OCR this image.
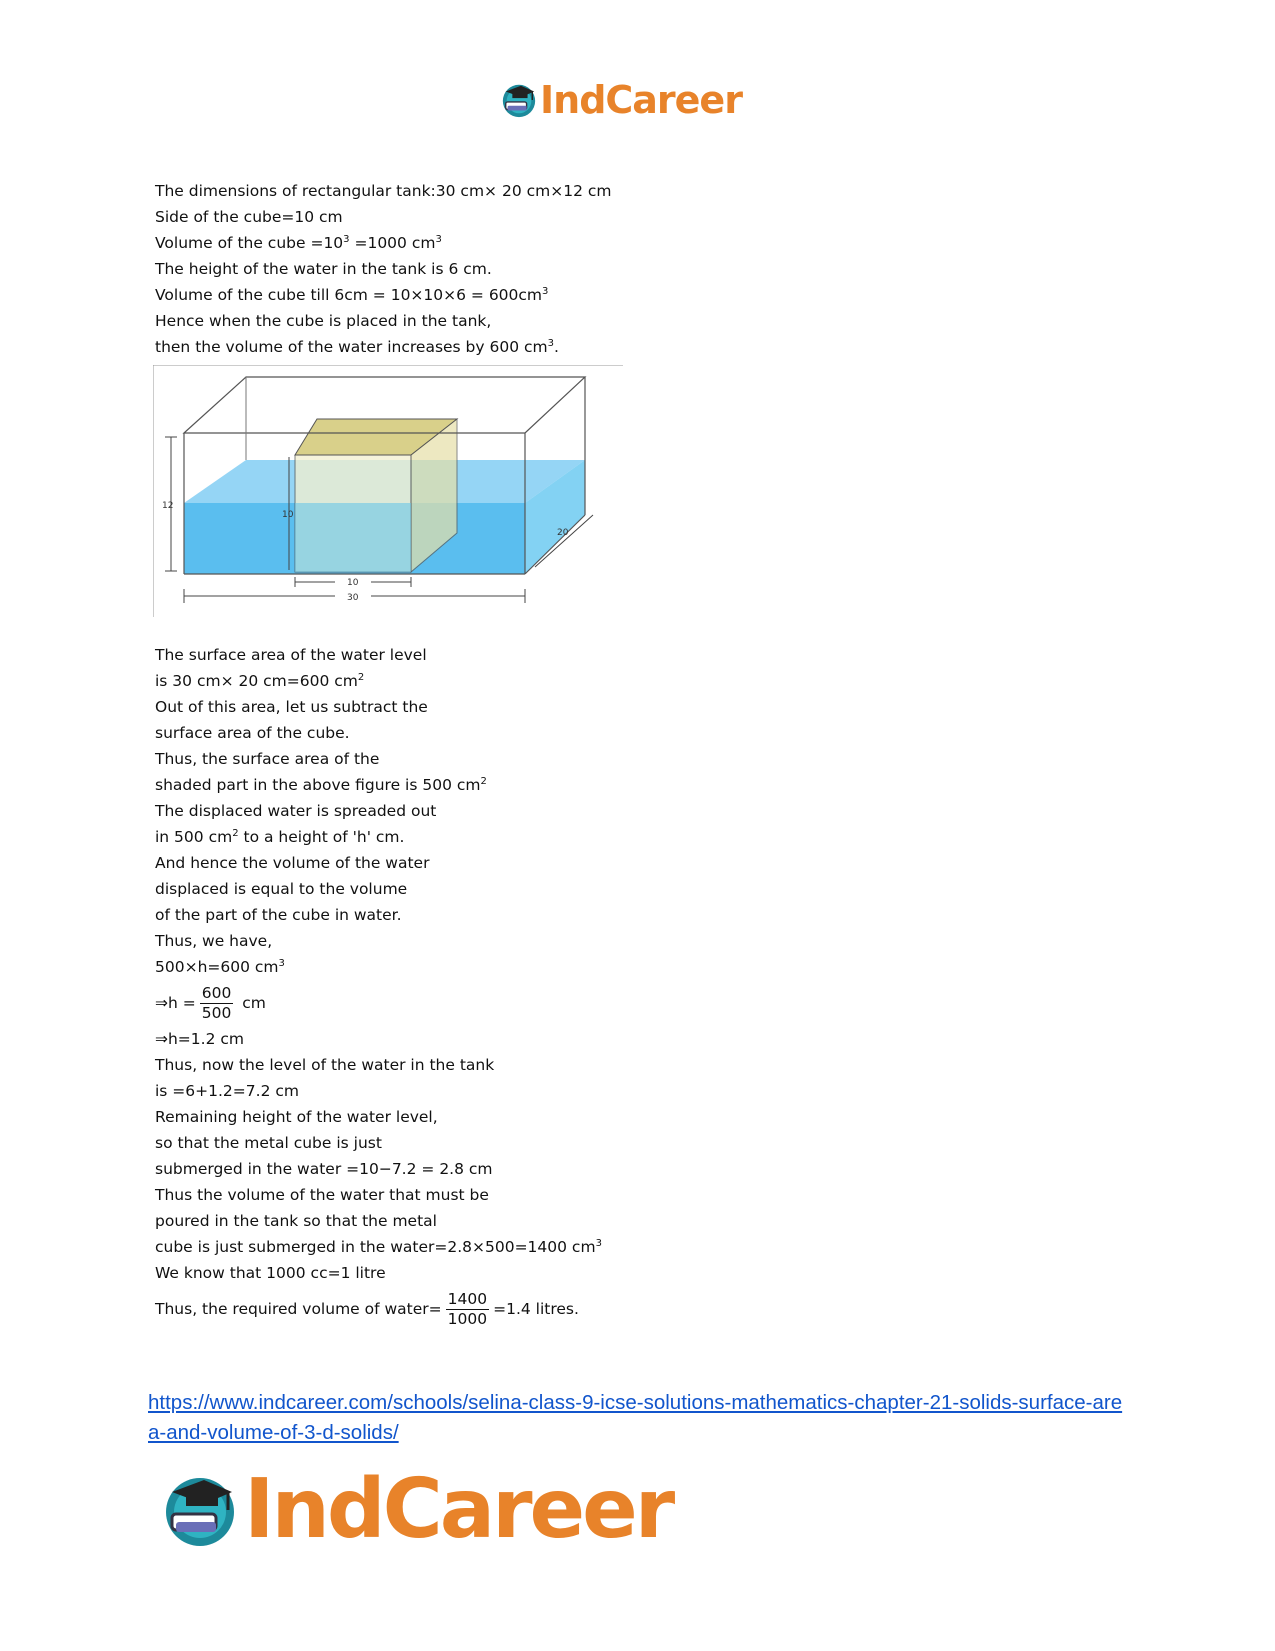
IndCareer
The dimensions of rectangular tank:30 cm× 20 cm×12 cm
Side of the cube=10 cm
Volume of the cube $=10^3 =1000$ $cm^3$
The height of the water in the tank is 6 cm.
Volume of the cube till $6cm = 10\times 10\times 6 = 600cm^3$
Hence when the cube is placed in the tank,
then the volume of the water increases by 600 $cm^3$.
12
10
10
30
20
The surface area of the water level
is 30 cm× 20 cm=600 $cm^2$
Out of this area, let us subtract the
surface area of the cube.
Thus, the surface area of the
shaded part in the above figure is 500 $cm^2$
The displaced water is spreaded out
in 500 $cm^2$ to a height of 'h' cm.
And hence the volume of the water
displaced is equal to the volume
of the part of the cube in water.
Thus, we have,
500×h=600 $cm^3$
⇒h = $\frac{600}{500}$ cm
⇒h=1.2 cm
Thus, now the level of the water in the tank
is =6+1.2=7.2 cm
Remaining height of the water level,
so that the metal cube is just
submerged in the water =10−7.2 = 2.8 cm
Thus the volume of the water that must be
poured in the tank so that the metal
cube is just submerged in the water=2.8×500=1400 $cm^3$
We know that 1000 cc=1 litre
Thus, the required volume of water= $\frac{1400}{1000} =1.4$ litres.
https://www.indcareer.com/schools/selina-class-9-icse-solutions-mathematics-chapter-21-solids-surface-area-and-volume-of-3-d-solids/
IndCareer
